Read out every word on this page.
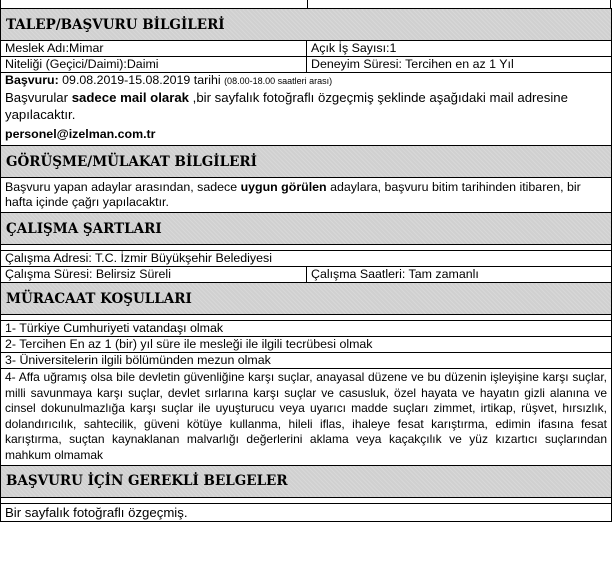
TALEP/BAŞVURU BİLGİLERİ	
Meslek Adı:Mimar	Açık İş Sayısı:1
Niteliği (Geçici/Daimi):Daimi	Deneyim Süresi: Tercihen en az 1 Yıl

Başvuru: 09.08.2019-15.08.2019 tarihi (08.00-18.00 saatleri arası)
Başvurular sadece mail olarak ,bir sayfalık fotoğraflı özgeçmiş şeklinde aşağıdaki mail adresine yapılacaktır.
personel@izelman.com.tr	

GÖRÜŞME/MÜLAKAT BİLGİLERİ	
Başvuru yapan adaylar arasından, sadece uygun görülen adaylara, başvuru bitim tarihinden itibaren, bir hafta içinde çağrı yapılacaktır.	
ÇALIŞMA ŞARTLARI	

Çalışma Adresi: T.C. İzmir Büyükşehir Belediyesi	
Çalışma Süresi: Belirsiz Süreli	Çalışma Saatleri: Tam zamanlı
MÜRACAAT KOŞULLARI	

1- Türkiye Cumhuriyeti vatandaşı olmak	
2- Tercihen En az 1 (bir) yıl süre ile mesleği ile ilgili tecrübesi olmak	
3- Üniversitelerin ilgili bölümünden mezun olmak	
4- Affa uğramış olsa bile devletin güvenliğine karşı suçlar, anayasal düzene ve bu düzenin işleyişine karşı suçlar, milli savunmaya karşı suçlar, devlet sırlarına karşı suçlar ve casusluk, özel hayata ve hayatın gizli alanına ve cinsel dokunulmazlığa karşı suçlar ile uyuşturucu veya uyarıcı madde suçları zimmet, irtikap, rüşvet, hırsızlık, dolandırıcılık, sahtecilik, güveni kötüye kullanma, hileli iflas, ihaleye fesat karıştırma, edimin ifasına fesat karıştırma, suçtan kaynaklanan malvarlığı değerlerini aklama veya kaçakçılık ve yüz kızartıcı suçlarından mahkum olmamak	
BAŞVURU İÇİN GEREKLİ BELGELER	

Bir sayfalık fotoğraflı özgeçmiş.	
